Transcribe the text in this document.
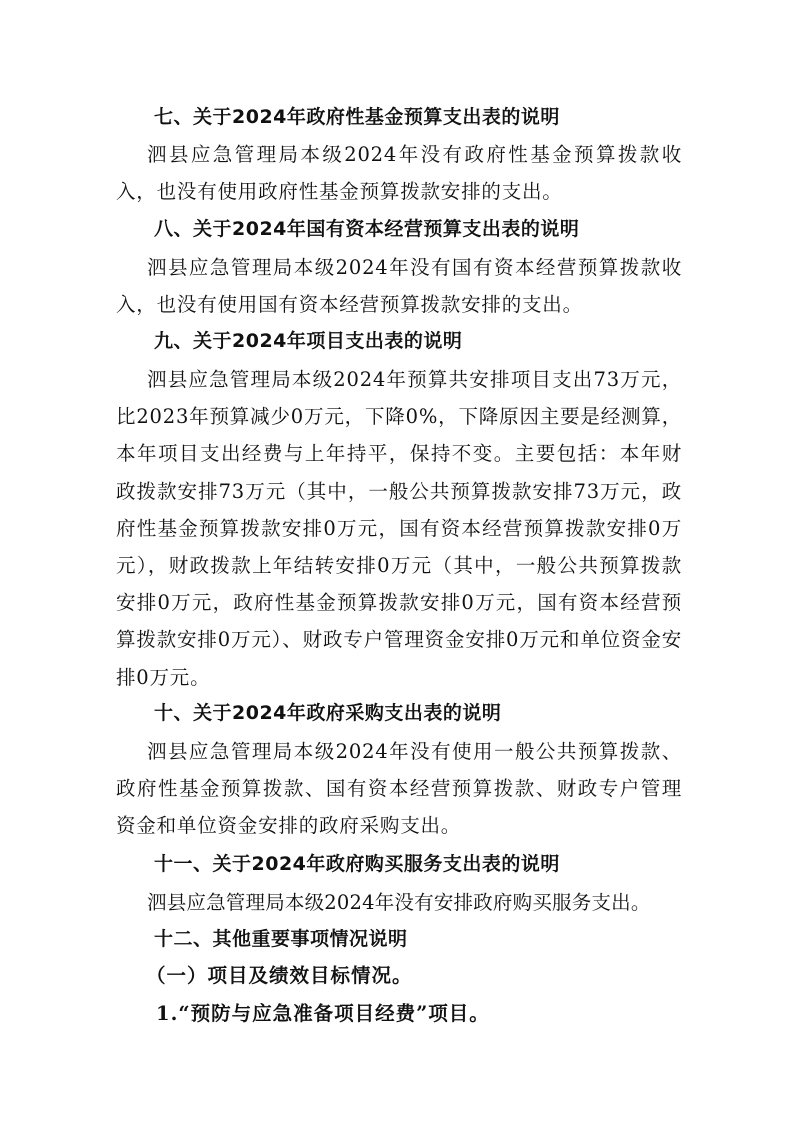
七、关于2024年政府性基金预算支出表的说明

泗县应急管理局本级2024年没有政府性基金预算拨款收入，也没有使用政府性基金预算拨款安排的支出。

八、关于2024年国有资本经营预算支出表的说明

泗县应急管理局本级2024年没有国有资本经营预算拨款收入，也没有使用国有资本经营预算拨款安排的支出。

九、关于2024年项目支出表的说明

泗县应急管理局本级2024年预算共安排项目支出73万元，比2023年预算减少0万元，下降0%，下降原因主要是经测算，本年项目支出经费与上年持平，保持不变。主要包括：本年财政拨款安排73万元（其中，一般公共预算拨款安排73万元，政府性基金预算拨款安排0万元，国有资本经营预算拨款安排0万元），财政拨款上年结转安排0万元（其中，一般公共预算拨款安排0万元，政府性基金预算拨款安排0万元，国有资本经营预算拨款安排0万元）、财政专户管理资金安排0万元和单位资金安排0万元。

十、关于2024年政府采购支出表的说明

泗县应急管理局本级2024年没有使用一般公共预算拨款、政府性基金预算拨款、国有资本经营预算拨款、财政专户管理资金和单位资金安排的政府采购支出。

十一、关于2024年政府购买服务支出表的说明

泗县应急管理局本级2024年没有安排政府购买服务支出。

十二、其他重要事项情况说明

（一）项目及绩效目标情况。

1.“预防与应急准备项目经费”项目。
